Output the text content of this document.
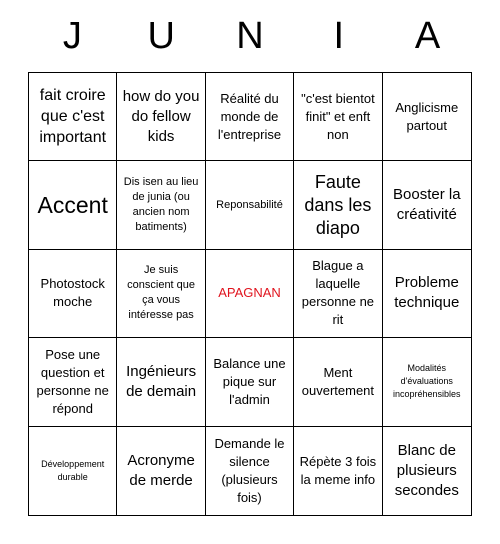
J	U	N	I	A
fait croire que c'est important
how do you do fellow kids
Réalité du monde de l'entreprise
"c'est bientot finit" et enft non
Anglicisme partout
Accent
Dis isen au lieu de junia (ou ancien nom batiments)
Reponsabilité
Faute dans les diapo
Booster la créativité
Photostock moche
Je suis conscient que ça vous intéresse pas
APAGNAN
Blague a laquelle personne ne rit
Probleme technique
Pose une question et personne ne répond
Ingénieurs de demain
Balance une pique sur l'admin
Ment ouvertement
Modalités d'évaluations incopréhensibles
Développement durable
Acronyme de merde
Demande le silence (plusieurs fois)
Répète 3 fois la meme info
Blanc de plusieurs secondes
